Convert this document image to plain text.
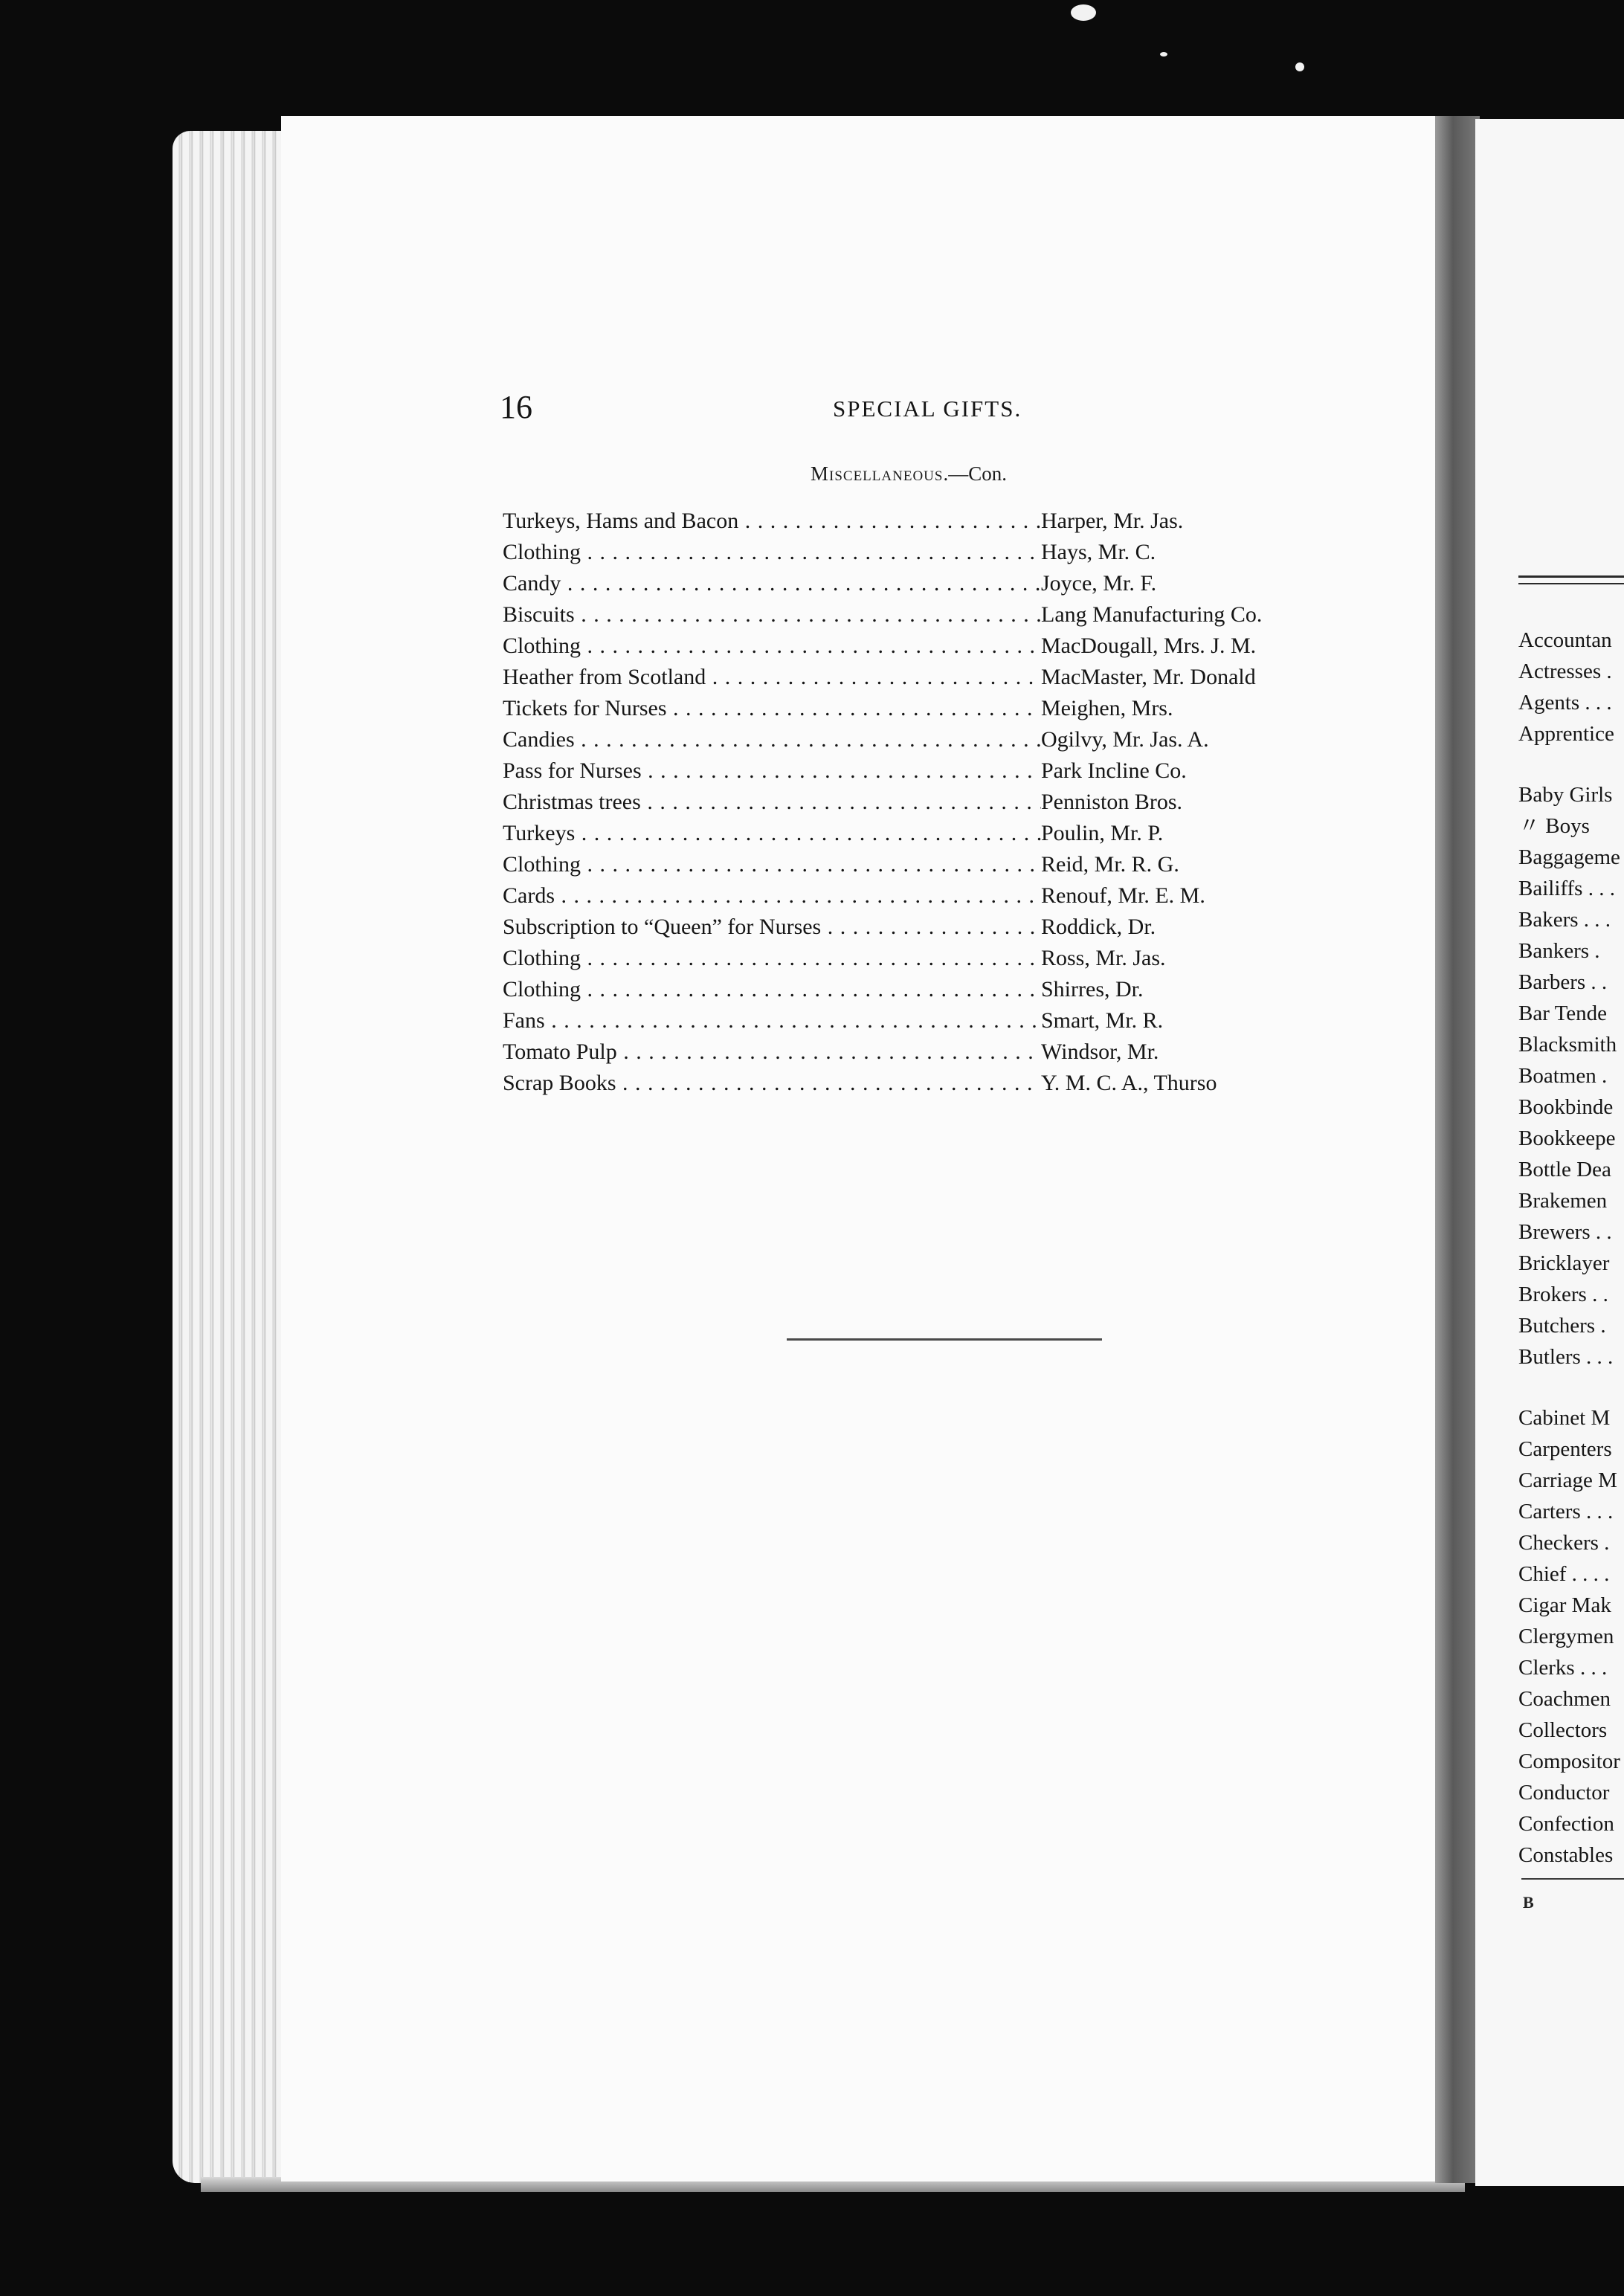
16	SPECIAL GIFTS.
Miscellaneous.—Con.
Turkeys, Hams and Bacon . . .	Harper, Mr. Jas.
Clothing . . .	Hays, Mr. C.
Candy . . .	Joyce, Mr. F.
Biscuits . . .	Lang Manufacturing Co.
Clothing . . .	MacDougall, Mrs. J. M.
Heather from Scotland . . .	MacMaster, Mr. Donald
Tickets for Nurses . . .	Meighen, Mrs.
Candies . . .	Ogilvy, Mr. Jas. A.
Pass for Nurses . . .	Park Incline Co.
Christmas trees . . .	Penniston Bros.
Turkeys . . .	Poulin, Mr. P.
Clothing . . .	Reid, Mr. R. G.
Cards . . .	Renouf, Mr. E. M.
Subscription to “Queen” for Nurses . . .	Roddick, Dr.
Clothing . . .	Ross, Mr. Jas.
Clothing . . .	Shirres, Dr.
Fans . . .	Smart, Mr. R.
Tomato Pulp . . .	Windsor, Mr.
Scrap Books . . .	Y. M. C. A., Thurso
Accountan
Actresses .
Agents . . .
Apprentice
Baby Girls
〃 Boys
Baggageme
Bailiffs . . .
Bakers . . .
Bankers .
Barbers . .
Bar Tende
Blacksmith
Boatmen .
Bookbinde
Bookkeepe
Bottle Dea
Brakemen
Brewers . .
Bricklayer
Brokers . .
Butchers .
Butlers . . .
Cabinet M
Carpenters
Carriage M
Carters . . .
Checkers .
Chief . . . .
Cigar Mak
Clergymen
Clerks . . .
Coachmen
Collectors
Compositor
Conductor
Confection
Constables
B
